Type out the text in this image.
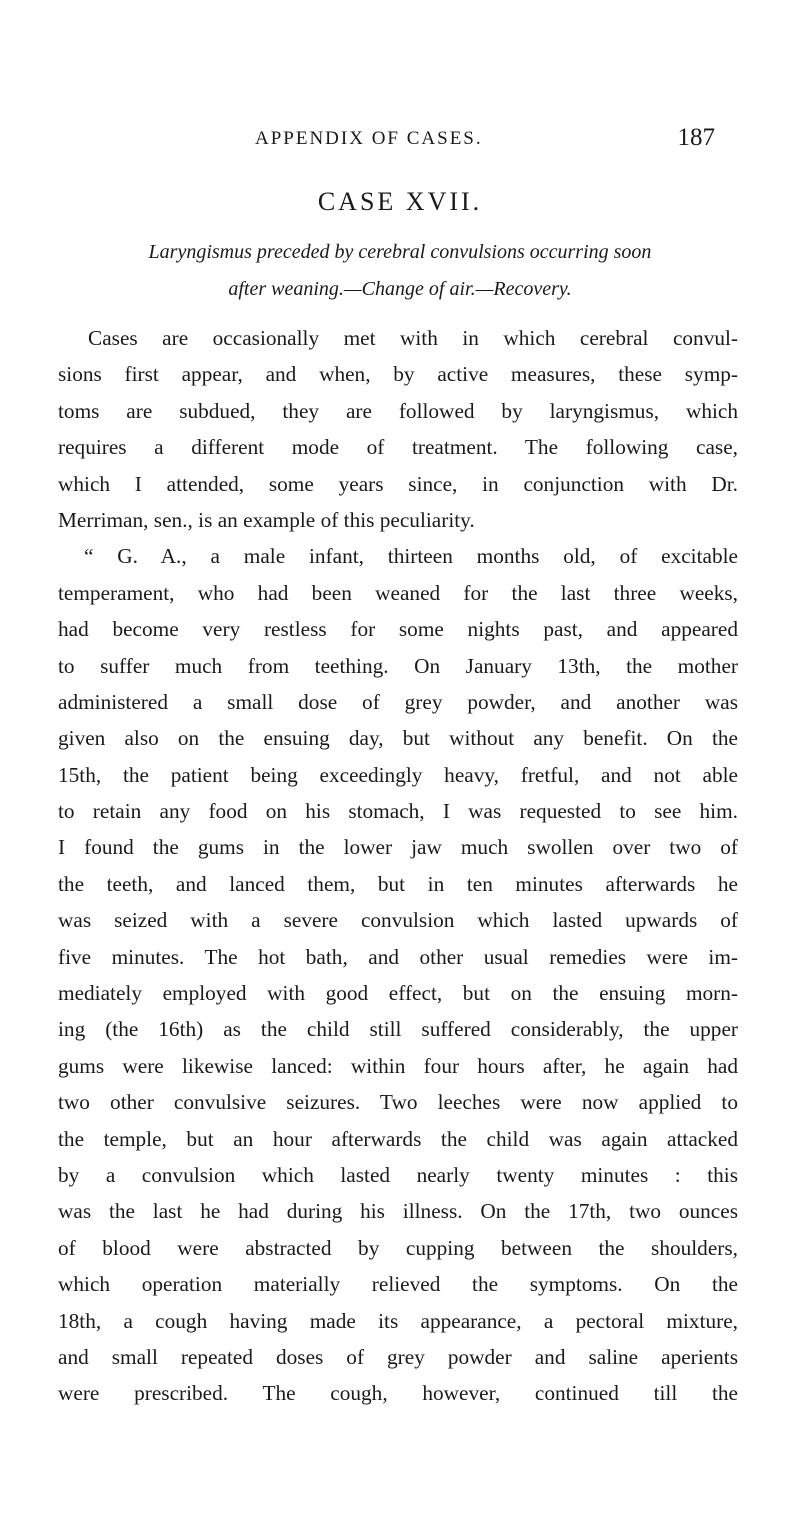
APPENDIX OF CASES.	187
CASE XVII.
Laryngismus preceded by cerebral convulsions occurring soon
after weaning.—Change of air.—Recovery.
Cases are occasionally met with in which cerebral convul-
sions first appear, and when, by active measures, these symp-
toms are subdued, they are followed by laryngismus, which
requires a different mode of treatment. The following case,
which I attended, some years since, in conjunction with Dr.
Merriman, sen., is an example of this peculiarity.
“ G. A., a male infant, thirteen months old, of excitable
temperament, who had been weaned for the last three weeks,
had become very restless for some nights past, and appeared
to suffer much from teething. On January 13th, the mother
administered a small dose of grey powder, and another was
given also on the ensuing day, but without any benefit. On the
15th, the patient being exceedingly heavy, fretful, and not able
to retain any food on his stomach, I was requested to see him.
I found the gums in the lower jaw much swollen over two of
the teeth, and lanced them, but in ten minutes afterwards he
was seized with a severe convulsion which lasted upwards of
five minutes. The hot bath, and other usual remedies were im-
mediately employed with good effect, but on the ensuing morn-
ing (the 16th) as the child still suffered considerably, the upper
gums were likewise lanced: within four hours after, he again had
two other convulsive seizures. Two leeches were now applied to
the temple, but an hour afterwards the child was again attacked
by a convulsion which lasted nearly twenty minutes : this
was the last he had during his illness. On the 17th, two ounces
of blood were abstracted by cupping between the shoulders,
which operation materially relieved the symptoms. On the
18th, a cough having made its appearance, a pectoral mixture,
and small repeated doses of grey powder and saline aperients
were prescribed. The cough, however, continued till the
